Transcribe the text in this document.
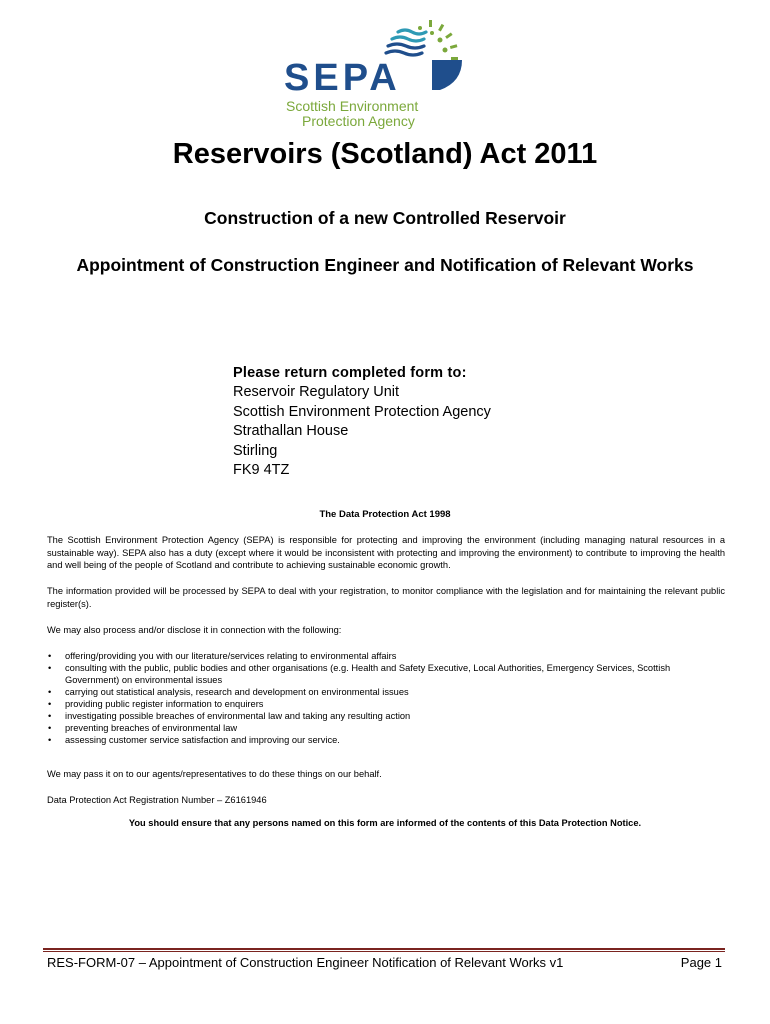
SEPA
Scottish Environment
Protection Agency
Reservoirs (Scotland) Act 2011
Construction of a new Controlled Reservoir
Appointment of Construction Engineer and Notification of Relevant Works
Please return completed form to:
Reservoir Regulatory Unit
Scottish Environment Protection Agency
Strathallan House
Stirling
FK9 4TZ
The Data Protection Act 1998

The Scottish Environment Protection Agency (SEPA) is responsible for protecting and improving the environment (including managing natural resources in a sustainable way). SEPA also has a duty (except where it would be inconsistent with protecting and improving the environment) to contribute to improving the health and well being of the people of Scotland and contribute to achieving sustainable economic growth.

The information provided will be processed by SEPA to deal with your registration, to monitor compliance with the legislation and for maintaining the relevant public register(s).

We may also process and/or disclose it in connection with the following:

• offering/providing you with our literature/services relating to environmental affairs
• consulting with the public, public bodies and other organisations (e.g. Health and Safety Executive, Local Authorities, Emergency Services, Scottish Government) on environmental issues
• carrying out statistical analysis, research and development on environmental issues
• providing public register information to enquirers
• investigating possible breaches of environmental law and taking any resulting action
• preventing breaches of environmental law
• assessing customer service satisfaction and improving our service.

We may pass it on to our agents/representatives to do these things on our behalf.

Data Protection Act Registration Number – Z6161946

You should ensure that any persons named on this form are informed of the contents of this Data Protection Notice.
RES-FORM-07 – Appointment of Construction Engineer Notification of Relevant Works v1	Page 1
